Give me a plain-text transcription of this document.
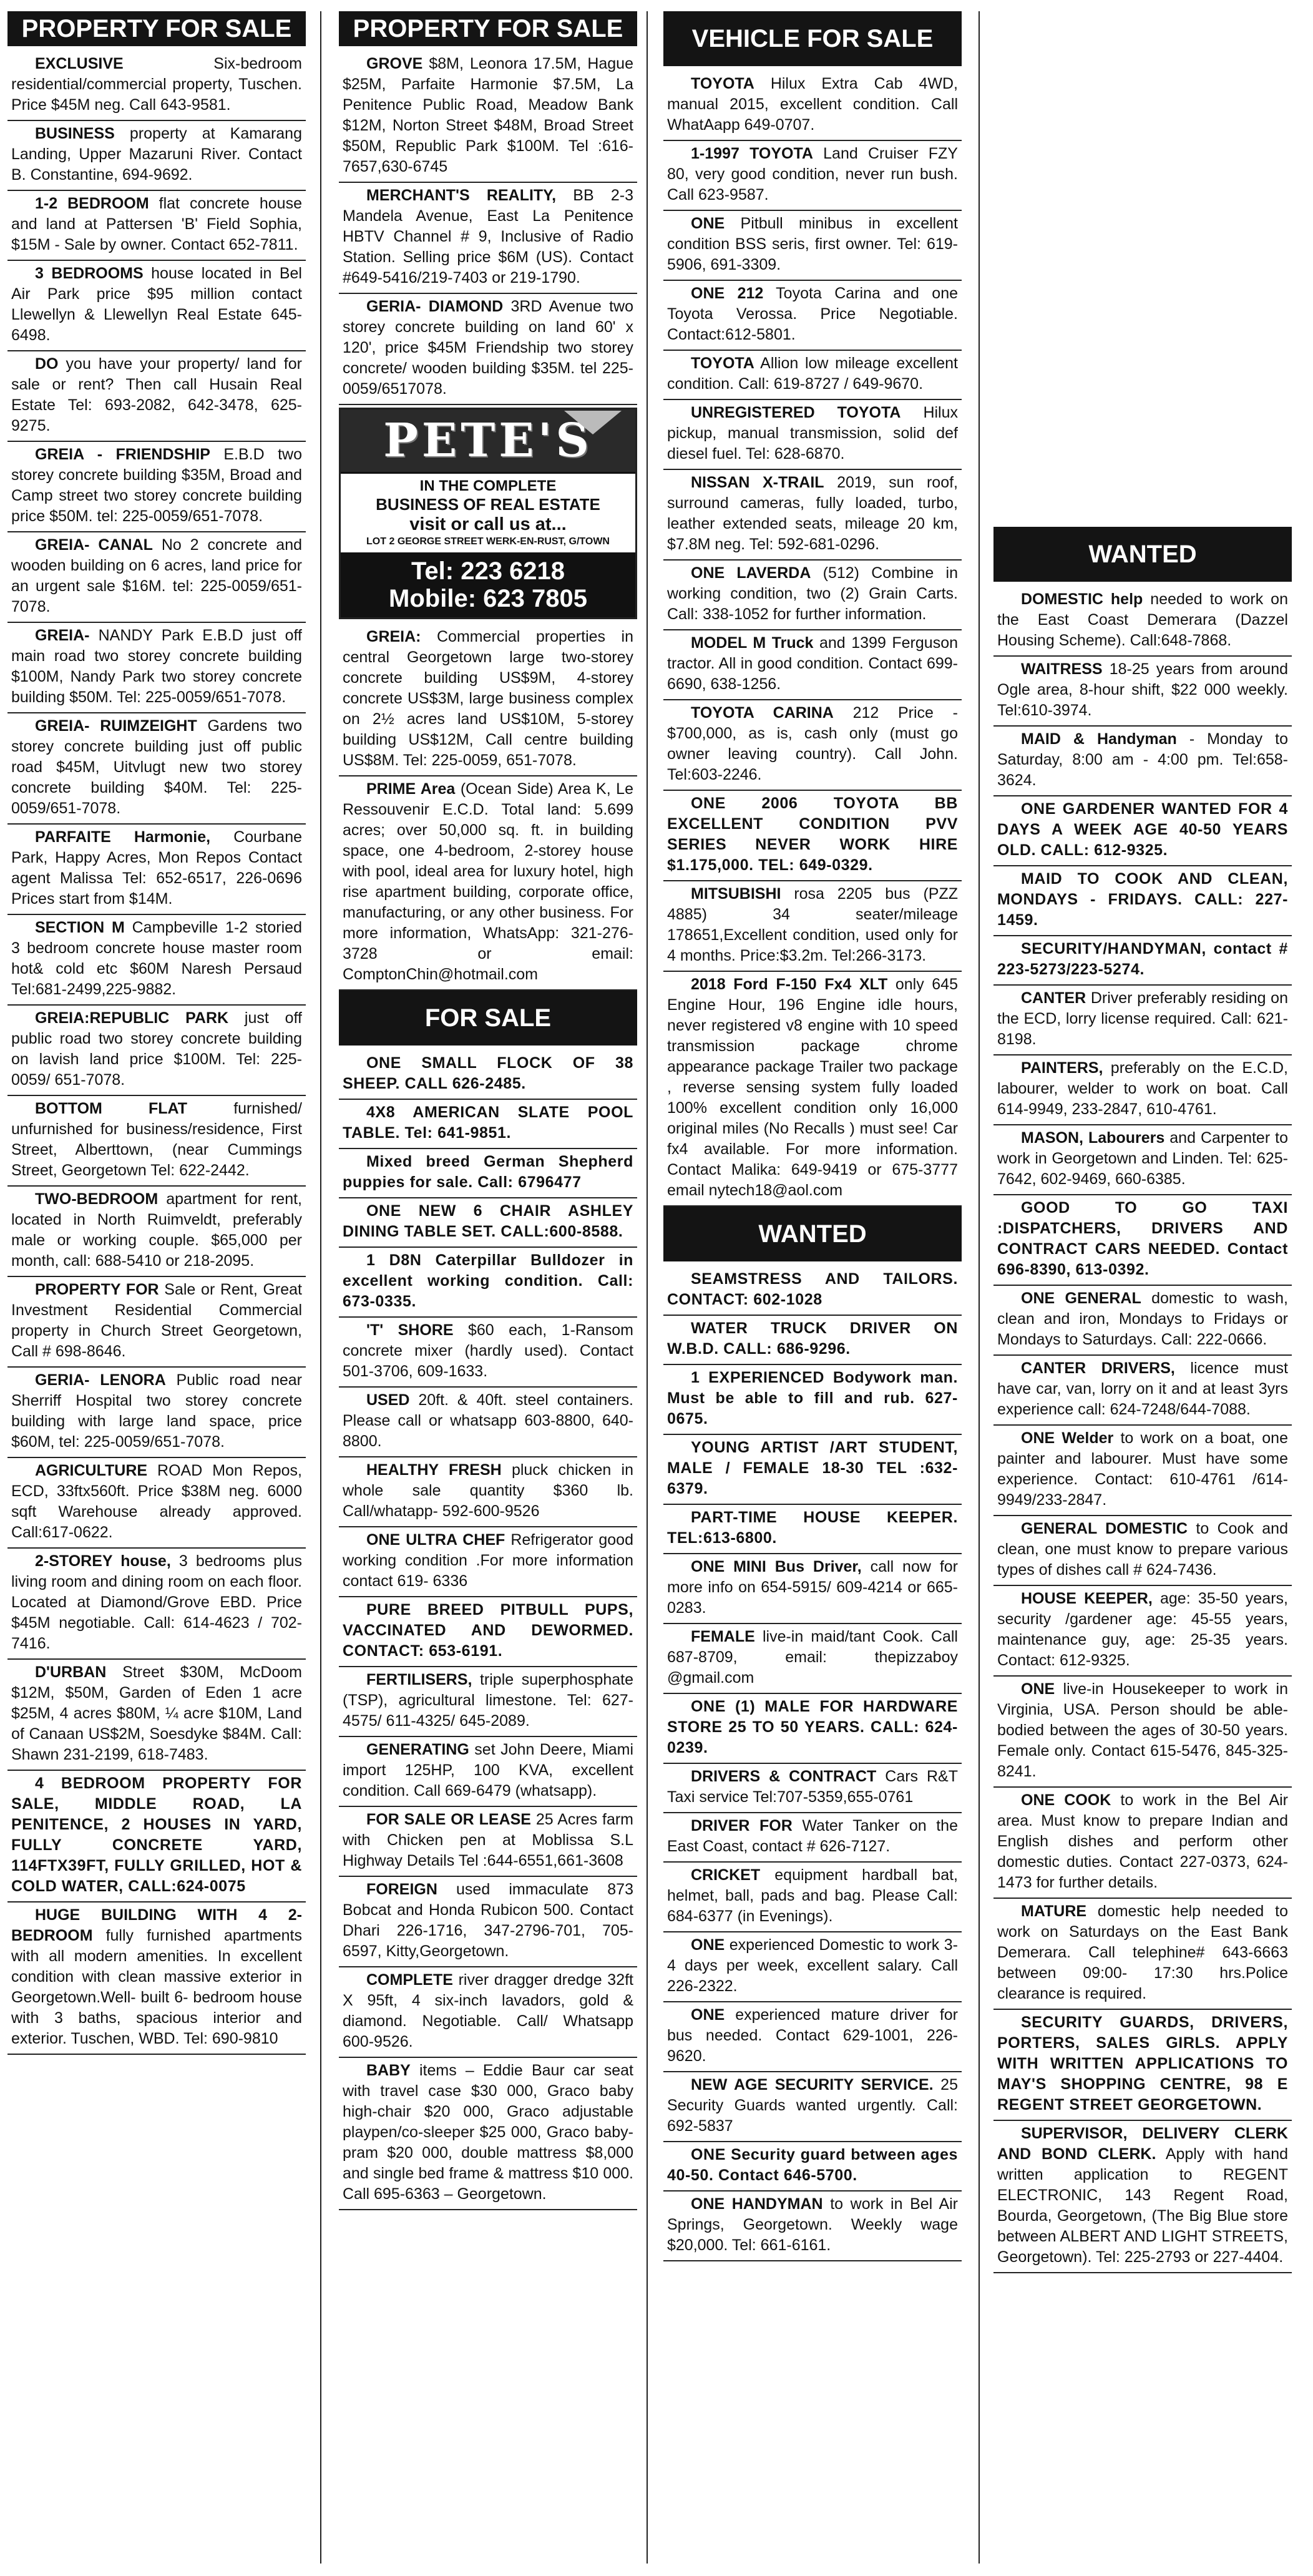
PROPERTY FOR SALE
EXCLUSIVE Six-bedroom residential/commercial property, Tuschen. Price $45M neg. Call 643-9581.
BUSINESS property at Kamarang Landing, Upper Mazaruni River. Contact B. Constantine, 694-9692.
1-2 BEDROOM flat concrete house and land at Pattersen 'B' Field Sophia, $15M - Sale by owner. Contact 652-7811.
3 BEDROOMS house located in Bel Air Park price $95 million contact Llewellyn & Llewellyn Real Estate 645-6498.
DO you have your property/ land for sale or rent? Then call Husain Real Estate Tel: 693-2082, 642-3478, 625-9275.
GREIA - FRIENDSHIP E.B.D two storey concrete building $35M, Broad and Camp street two storey concrete building price $50M. tel: 225-0059/651-7078.
GREIA- CANAL No 2 concrete and wooden building on 6 acres, land price for an urgent sale $16M. tel: 225-0059/651-7078.
GREIA- NANDY Park E.B.D just off main road two storey concrete building $100M, Nandy Park two storey concrete building $50M. Tel: 225-0059/651-7078.
GREIA- RUIMZEIGHT Gardens two storey concrete building just off public road $45M, Uitvlugt new two storey concrete building $40M. Tel: 225-0059/651-7078.
PARFAITE Harmonie, Courbane Park, Happy Acres, Mon Repos Contact agent Malissa Tel: 652-6517, 226-0696 Prices start from $14M.
SECTION M Campbeville 1-2 storied 3 bedroom concrete house master room hot& cold etc $60M Naresh Persaud Tel:681-2499,225-9882.
GREIA:REPUBLIC PARK just off public road two storey concrete building on lavish land price $100M. Tel: 225-0059/ 651-7078.
BOTTOM FLAT furnished/ unfurnished for business/residence, First Street, Alberttown, (near Cummings Street, Georgetown Tel: 622-2442.
TWO-BEDROOM apartment for rent, located in North Ruimveldt, preferably male or working couple. $65,000 per month, call: 688-5410 or 218-2095.
PROPERTY FOR Sale or Rent, Great Investment Residential Commercial property in Church Street Georgetown, Call # 698-8646.
GERIA- LENORA Public road near Sherriff Hospital two storey concrete building with large land space, price $60M, tel: 225-0059/651-7078.
AGRICULTURE ROAD Mon Repos, ECD, 33ftx560ft. Price $38M neg. 6000 sqft Warehouse already approved. Call:617-0622.
2-STOREY house, 3 bedrooms plus living room and dining room on each floor. Located at Diamond/Grove EBD. Price $45M negotiable. Call: 614-4623 / 702-7416.
D'URBAN Street $30M, McDoom $12M, $50M, Garden of Eden 1 acre $25M, 4 acres $80M, ¼ acre $10M, Land of Canaan US$2M, Soesdyke $84M. Call: Shawn 231-2199, 618-7483.
4 BEDROOM PROPERTY FOR SALE, MIDDLE ROAD, LA PENITENCE, 2 HOUSES IN YARD, FULLY CONCRETE YARD, 114FTX39FT, FULLY GRILLED, HOT & COLD WATER, CALL:624-0075
HUGE BUILDING WITH 4 2- BEDROOM fully furnished apartments with all modern amenities. In excellent condition with clean massive exterior in Georgetown.Well- built 6- bedroom house with 3 baths, spacious interior and exterior. Tuschen, WBD. Tel: 690-9810
PROPERTY FOR SALE
GROVE $8M, Leonora 17.5M, Hague $25M, Parfaite Harmonie $7.5M, La Penitence Public Road, Meadow Bank $12M, Norton Street $48M, Broad Street $50M, Republic Park $100M. Tel :616-7657,630-6745
MERCHANT'S REALITY, BB 2-3 Mandela Avenue, East La Penitence HBTV Channel # 9, Inclusive of Radio Station. Selling price $6M (US). Contact #649-5416/219-7403 or 219-1790.
GERIA- DIAMOND 3RD Avenue two storey concrete building on land 60' x 120', price $45M Friendship two storey concrete/ wooden building $35M. tel 225-0059/6517078.
PETE'S
IN THE COMPLETE
BUSINESS OF REAL ESTATE
visit or call us at...
LOT 2 GEORGE STREET WERK-EN-RUST, G/TOWN
Tel: 223 6218
Mobile: 623 7805
GREIA: Commercial properties in central Georgetown large two-storey concrete building US$9M, 4-storey concrete US$3M, large business complex on 2½ acres land US$10M, 5-storey building US$12M, Call centre building US$8M. Tel: 225-0059, 651-7078.
PRIME Area (Ocean Side) Area K, Le Ressouvenir E.C.D. Total land: 5.699 acres; over 50,000 sq. ft. in building space, one 4-bedroom, 2-storey house with pool, ideal area for luxury hotel, high rise apartment building, corporate office, manufacturing, or any other business. For more information, WhatsApp: 321-276-3728 or email: ComptonChin@hotmail.com
FOR SALE
ONE SMALL FLOCK OF 38 SHEEP. CALL 626-2485.
4X8 AMERICAN SLATE POOL TABLE. Tel: 641-9851.
Mixed breed German Shepherd puppies for sale. Call: 6796477
ONE NEW 6 CHAIR ASHLEY DINING TABLE SET. CALL:600-8588.
1 D8N Caterpillar Bulldozer in excellent working condition. Call: 673-0335.
'T' SHORE $60 each, 1-Ransom concrete mixer (hardly used). Contact 501-3706, 609-1633.
USED 20ft. & 40ft. steel containers. Please call or whatsapp 603-8800, 640-8800.
HEALTHY FRESH pluck chicken in whole sale quantity $360 lb. Call/whatapp- 592-600-9526
ONE ULTRA CHEF Refrigerator good working condition .For more information contact 619- 6336
PURE BREED PITBULL PUPS, VACCINATED AND DEWORMED. CONTACT: 653-6191.
FERTILISERS, triple superphosphate (TSP), agricultural limestone. Tel: 627-4575/ 611-4325/ 645-2089.
GENERATING set John Deere, Miami import 125HP, 100 KVA, excellent condition. Call 669-6479 (whatsapp).
FOR SALE OR LEASE 25 Acres farm with Chicken pen at Moblissa S.L Highway Details Tel :644-6551,661-3608
FOREIGN used immaculate 873 Bobcat and Honda Rubicon 500. Contact Dhari 226-1716, 347-2796-701, 705-6597, Kitty,Georgetown.
COMPLETE river dragger dredge 32ft X 95ft, 4 six-inch lavadors, gold & diamond. Negotiable. Call/ Whatsapp 600-9526.
BABY items – Eddie Baur car seat with travel case $30 000, Graco baby high-chair $20 000, Graco adjustable playpen/co-sleeper $25 000, Graco baby-pram $20 000, double mattress $8,000 and single bed frame & mattress $10 000. Call 695-6363 – Georgetown.
VEHICLE FOR SALE
TOYOTA Hilux Extra Cab 4WD, manual 2015, excellent condition. Call WhatAapp 649-0707.
1-1997 TOYOTA Land Cruiser FZY 80, very good condition, never run bush. Call 623-9587.
ONE Pitbull minibus in excellent condition BSS seris, first owner. Tel: 619-5906, 691-3309.
ONE 212 Toyota Carina and one Toyota Verossa. Price Negotiable. Contact:612-5801.
TOYOTA Allion low mileage excellent condition. Call: 619-8727 / 649-9670.
UNREGISTERED TOYOTA Hilux pickup, manual transmission, solid def diesel fuel. Tel: 628-6870.
NISSAN X-TRAIL 2019, sun roof, surround cameras, fully loaded, turbo, leather extended seats, mileage 20 km, $7.8M neg. Tel: 592-681-0296.
ONE LAVERDA (512) Combine in working condition, two (2) Grain Carts. Call: 338-1052 for further information.
MODEL M Truck and 1399 Ferguson tractor. All in good condition. Contact 699-6690, 638-1256.
TOYOTA CARINA 212 Price - $700,000, as is, cash only (must go owner leaving country). Call John. Tel:603-2246.
ONE 2006 TOYOTA BB EXCELLENT CONDITION PVV SERIES NEVER WORK HIRE $1.175,000. TEL: 649-0329.
MITSUBISHI rosa 2205 bus (PZZ 4885) 34 seater/mileage 178651,Excellent condition, used only for 4 months. Price:$3.2m. Tel:266-3173.
2018 Ford F-150 Fx4 XLT only 645 Engine Hour, 196 Engine idle hours, never registered v8 engine with 10 speed transmission package chrome appearance package Trailer two package , reverse sensing system fully loaded 100% excellent condition only 16,000 original miles (No Recalls ) must see! Car fx4 available. For more information. Contact Malika: 649-9419 or 675-3777 email nytech18@aol.com
WANTED
SEAMSTRESS AND TAILORS. CONTACT: 602-1028
WATER TRUCK DRIVER ON W.B.D. CALL: 686-9296.
1 EXPERIENCED Bodywork man. Must be able to fill and rub. 627-0675.
YOUNG ARTIST /ART STUDENT, MALE / FEMALE 18-30 TEL :632-6379.
PART-TIME HOUSE KEEPER. TEL:613-6800.
ONE MINI Bus Driver, call now for more info on 654-5915/ 609-4214 or 665-0283.
FEMALE live-in maid/tant Cook. Call 687-8709, email: thepizzaboy @gmail.com
ONE (1) MALE FOR HARDWARE STORE 25 TO 50 YEARS. CALL: 624-0239.
DRIVERS & CONTRACT Cars R&T Taxi service Tel:707-5359,655-0761
DRIVER FOR Water Tanker on the East Coast, contact # 626-7127.
CRICKET equipment hardball bat, helmet, ball, pads and bag. Please Call: 684-6377 (in Evenings).
ONE experienced Domestic to work 3-4 days per week, excellent salary. Call 226-2322.
ONE experienced mature driver for bus needed. Contact 629-1001, 226-9620.
NEW AGE SECURITY SERVICE. 25 Security Guards wanted urgently. Call: 692-5837
ONE Security guard between ages 40-50. Contact 646-5700.
ONE HANDYMAN to work in Bel Air Springs, Georgetown. Weekly wage $20,000. Tel: 661-6161.
WANTED
DOMESTIC help needed to work on the East Coast Demerara (Dazzel Housing Scheme). Call:648-7868.
WAITRESS 18-25 years from around Ogle area, 8-hour shift, $22 000 weekly. Tel:610-3974.
MAID & Handyman - Monday to Saturday, 8:00 am - 4:00 pm. Tel:658-3624.
ONE GARDENER WANTED FOR 4 DAYS A WEEK AGE 40-50 YEARS OLD. CALL: 612-9325.
MAID TO COOK AND CLEAN, MONDAYS - FRIDAYS. CALL: 227-1459.
SECURITY/HANDYMAN, contact # 223-5273/223-5274.
CANTER Driver preferably residing on the ECD, lorry license required. Call: 621-8198.
PAINTERS, preferably on the E.C.D, labourer, welder to work on boat. Call 614-9949, 233-2847, 610-4761.
MASON, Labourers and Carpenter to work in Georgetown and Linden. Tel: 625-7642, 602-9469, 660-6385.
GOOD TO GO TAXI :DISPATCHERS, DRIVERS AND CONTRACT CARS NEEDED. Contact 696-8390, 613-0392.
ONE GENERAL domestic to wash, clean and iron, Mondays to Fridays or Mondays to Saturdays. Call: 222-0666.
CANTER DRIVERS, licence must have car, van, lorry on it and at least 3yrs experience call: 624-7248/644-7088.
ONE Welder to work on a boat, one painter and labourer. Must have some experience. Contact: 610-4761 /614-9949/233-2847.
GENERAL DOMESTIC to Cook and clean, one must know to prepare various types of dishes call # 624-7436.
HOUSE KEEPER, age: 35-50 years, security /gardener age: 45-55 years, maintenance guy, age: 25-35 years. Contact: 612-9325.
ONE live-in Housekeeper to work in Virginia, USA. Person should be able-bodied between the ages of 30-50 years. Female only. Contact 615-5476, 845-325-8241.
ONE COOK to work in the Bel Air area. Must know to prepare Indian and English dishes and perform other domestic duties. Contact 227-0373, 624-1473 for further details.
MATURE domestic help needed to work on Saturdays on the East Bank Demerara. Call telephine# 643-6663 between 09:00- 17:30 hrs.Police clearance is required.
SECURITY GUARDS, DRIVERS, PORTERS, SALES GIRLS. APPLY WITH WRITTEN APPLICATIONS TO MAY'S SHOPPING CENTRE, 98 E REGENT STREET GEORGETOWN.
SUPERVISOR, DELIVERY CLERK AND BOND CLERK. Apply with hand written application to REGENT ELECTRONIC, 143 Regent Road, Bourda, Georgetown, (The Big Blue store between ALBERT AND LIGHT STREETS, Georgetown). Tel: 225-2793 or 227-4404.
